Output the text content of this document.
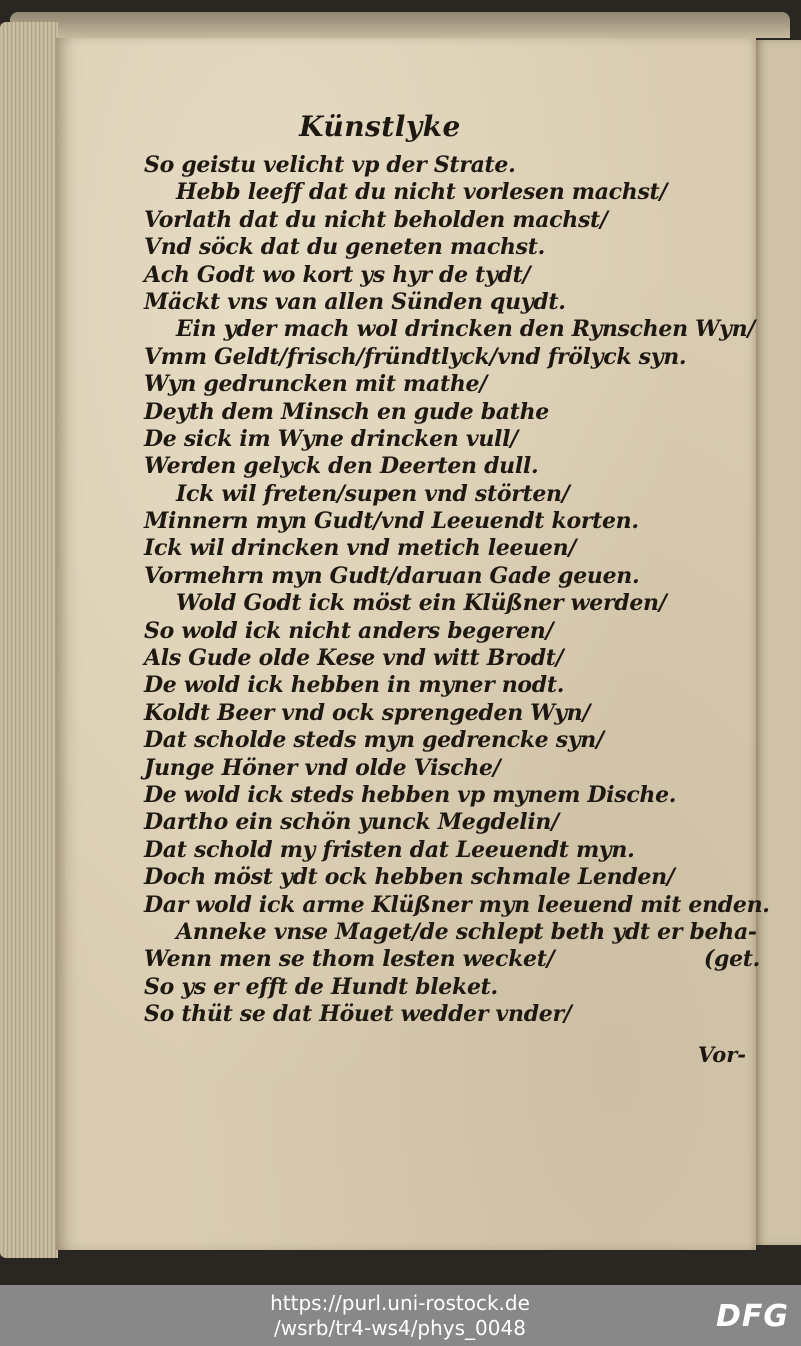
Künstlyke
So geistu velicht vp der Strate.
Hebb leeff dat du nicht vorlesen machst/
Vorlath dat du nicht beholden machst/
Vnd söck dat du geneten machst.
Ach Godt wo kort ys hyr de tydt/
Mäckt vns van allen Sünden quydt.
Ein yder mach wol drincken den Rynschen Wyn/
Vmm Geldt/frisch/fründtlyck/vnd frölyck syn.
Wyn gedruncken mit mathe/
Deyth dem Minsch en gude bathe
De sick im Wyne drincken vull/
Werden gelyck den Deerten dull.
Ick wil freten/supen vnd störten/
Minnern myn Gudt/vnd Leeuendt korten.
Ick wil drincken vnd metich leeuen/
Vormehrn myn Gudt/daruan Gade geuen.
Wold Godt ick möst ein Klüßner werden/
So wold ick nicht anders begeren/
Als Gude olde Kese vnd witt Brodt/
De wold ick hebben in myner nodt.
Koldt Beer vnd ock sprengeden Wyn/
Dat scholde steds myn gedrencke syn/
Junge Höner vnd olde Vische/
De wold ick steds hebben vp mynem Dische.
Dartho ein schön yunck Megdelin/
Dat schold my fristen dat Leeuendt myn.
Doch möst ydt ock hebben schmale Lenden/
Dar wold ick arme Klüßner myn leeuend mit enden.
Anneke vnse Maget/de schlept beth ydt er beha-
Wenn men se thom lesten wecket/	(get.
So ys er efft de Hundt bleket.
So thüt se dat Höuet wedder vnder/
Vor-
https://purl.uni-rostock.de
/wsrb/tr4-ws4/phys_0048	DFG
